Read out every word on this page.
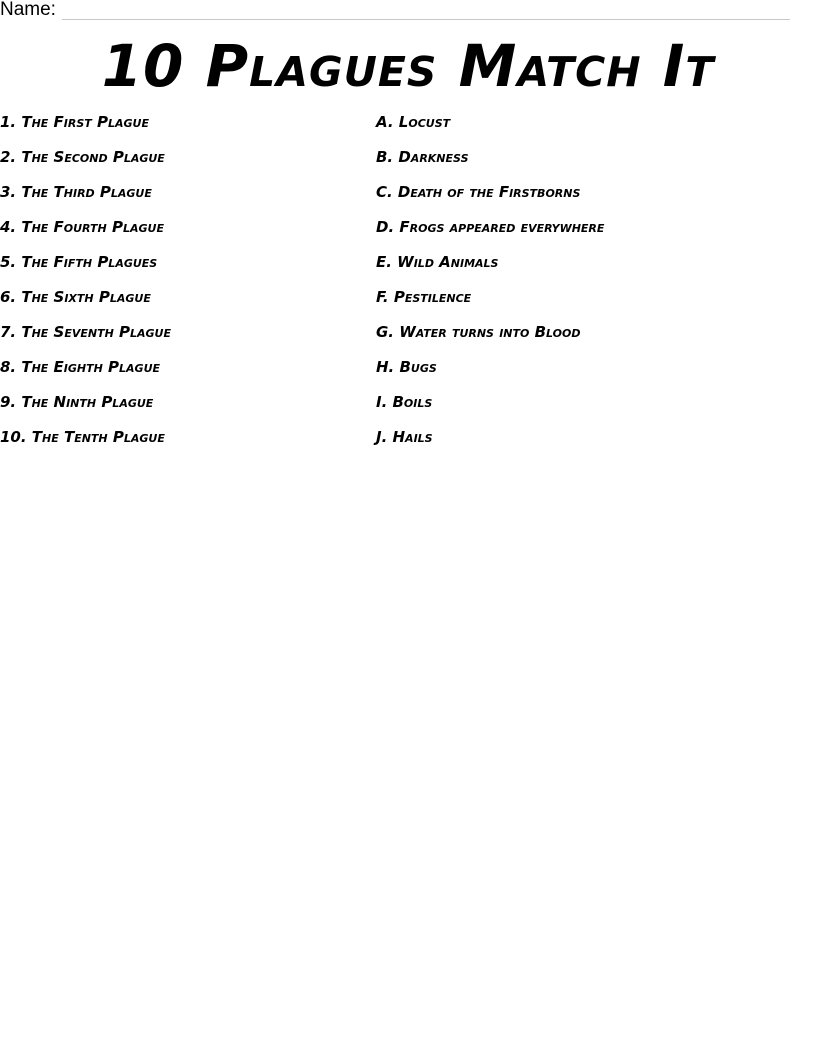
Name:
10 Plagues Match It
1. The First Plague
2. The Second Plague
3. The Third Plague
4. The Fourth Plague
5. The Fifth Plagues
6. The Sixth Plague
7. The Seventh Plague
8. The Eighth Plague
9. The Ninth Plague
10. The Tenth Plague
A. Locust
B. Darkness
C. Death of the Firstborns
D. Frogs appeared everywhere
E. Wild Animals
F. Pestilence
G. Water turns into Blood
H. Bugs
I. Boils
J. Hails
